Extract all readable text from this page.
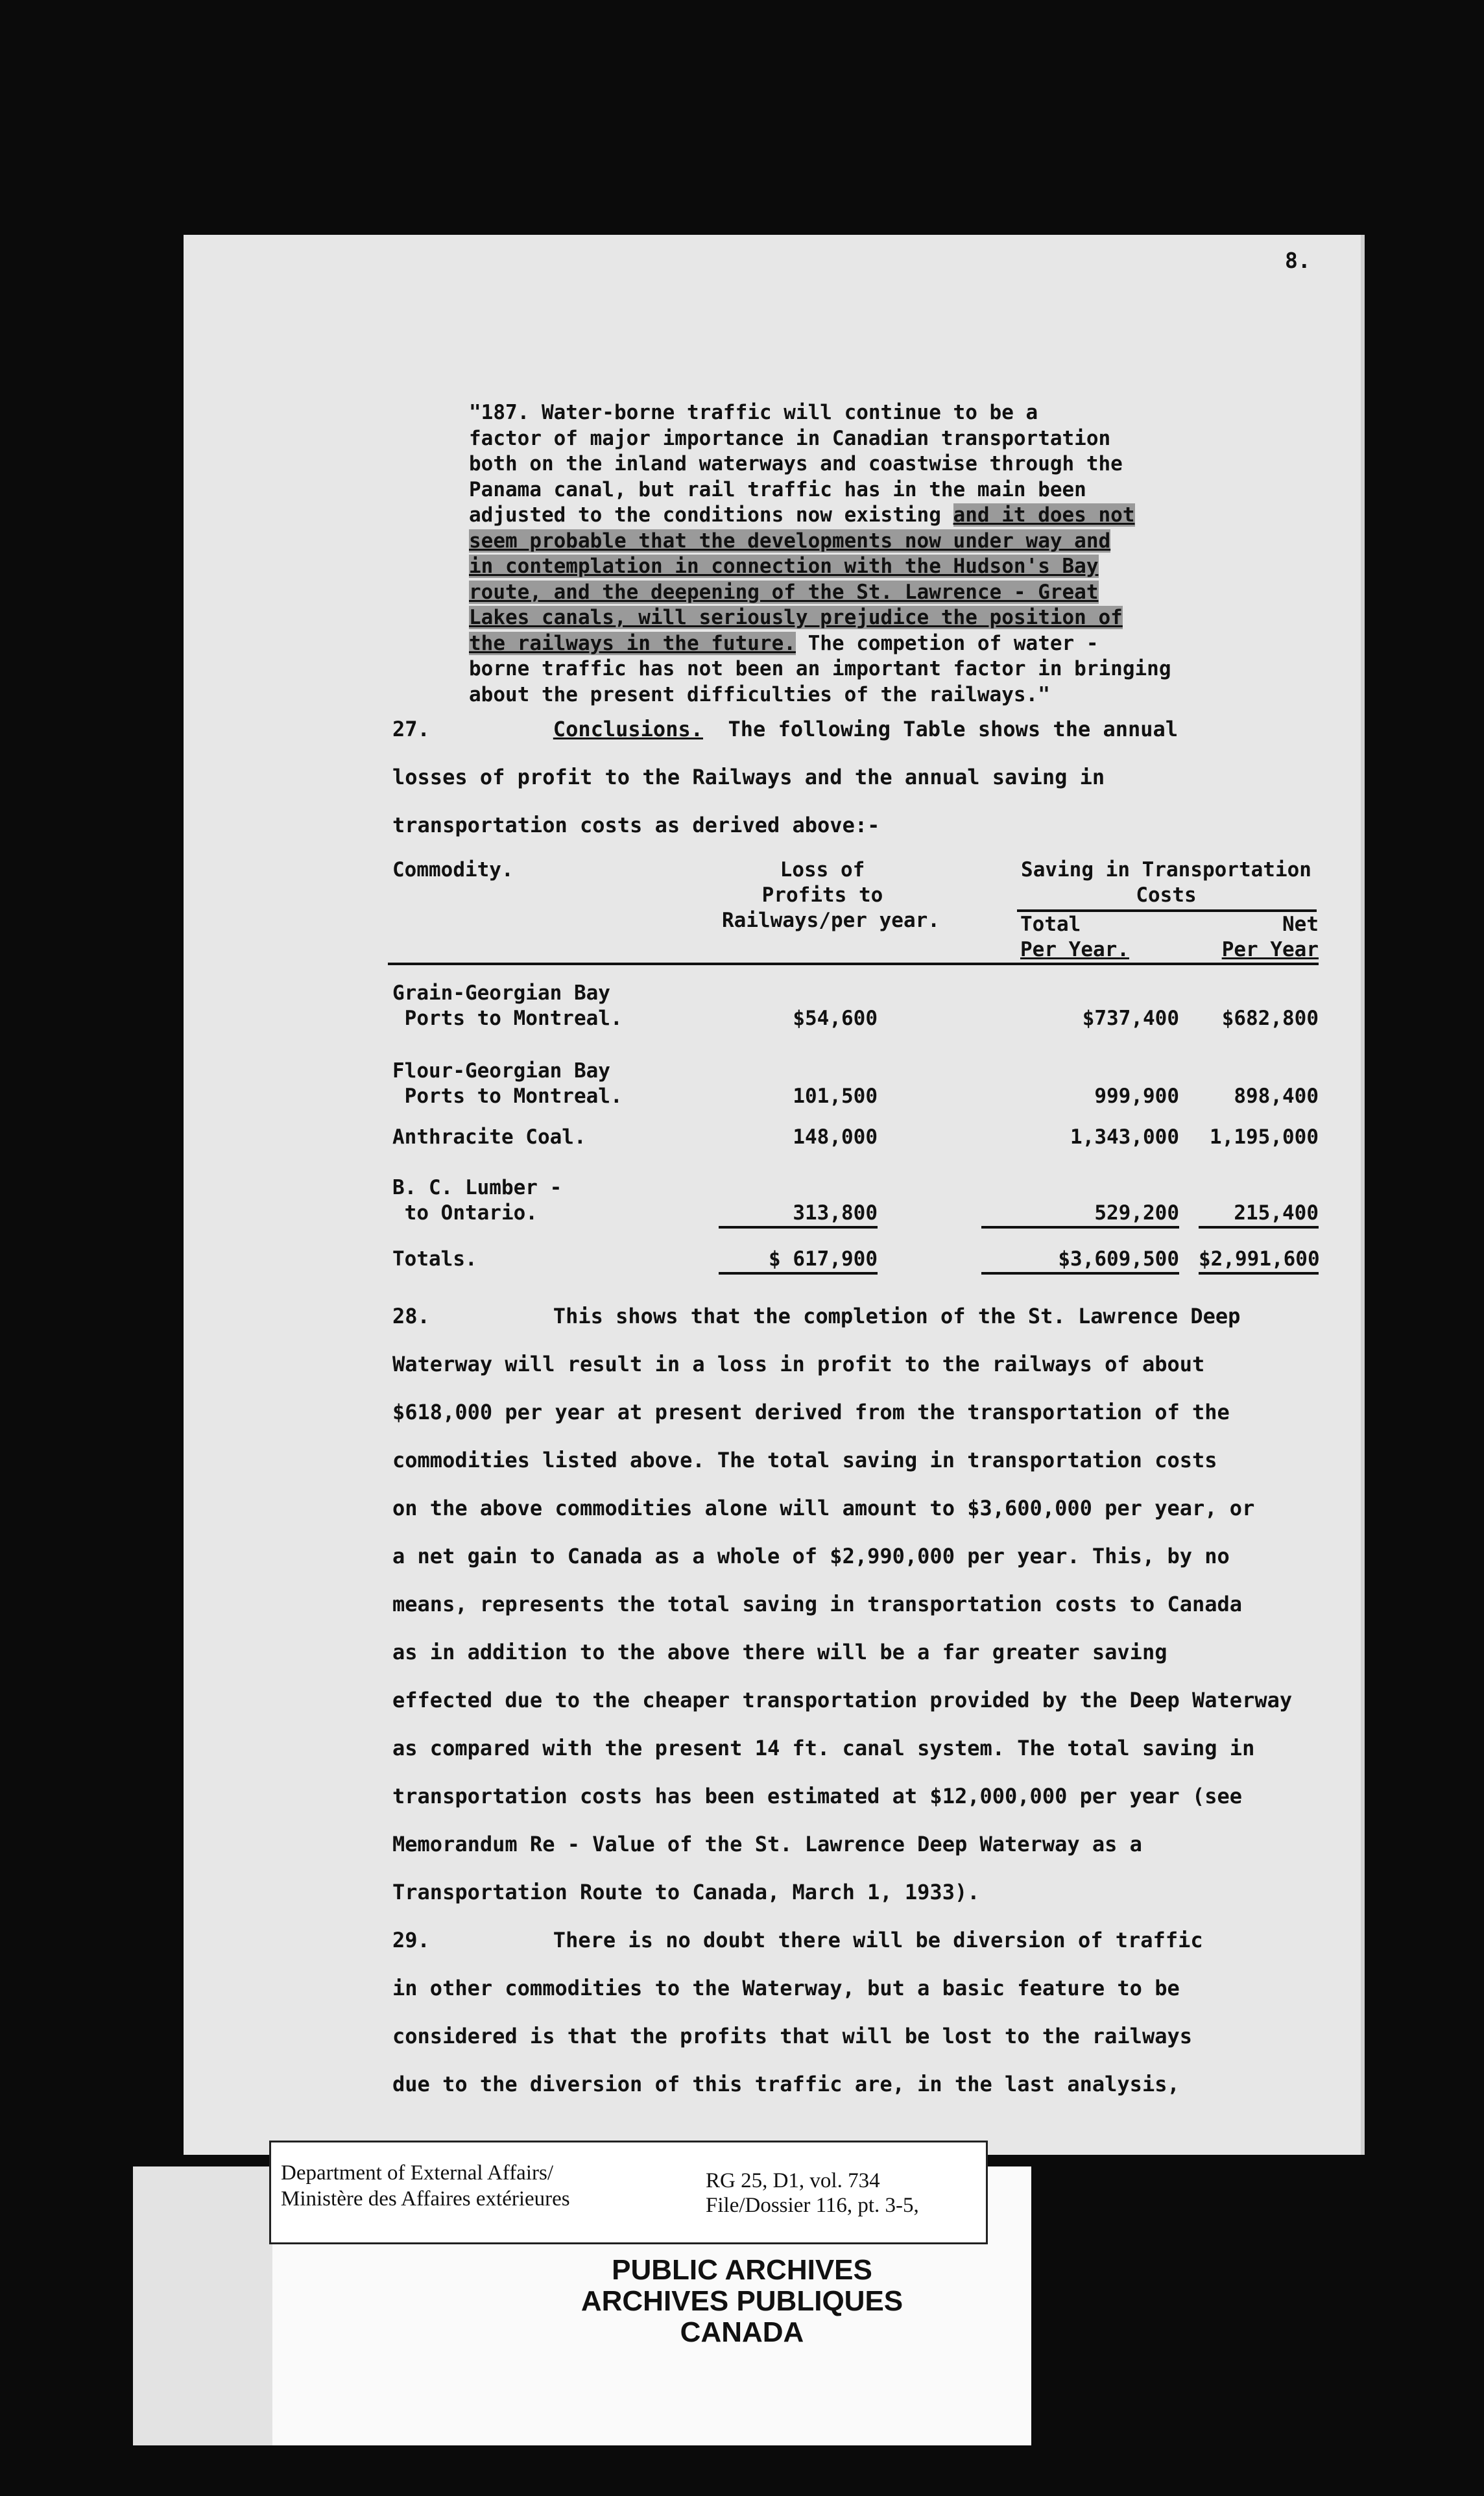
8.
"187. Water-borne traffic will continue to be a
factor of major importance in Canadian transportation
both on the inland waterways and coastwise through the
Panama canal, but rail traffic has in the main been
adjusted to the conditions now existing and it does not
seem probable that the developments now under way and
in contemplation in connection with the Hudson's Bay
route, and the deepening of the St. Lawrence - Great
Lakes canals, will seriously prejudice the position of
the railways in the future. The competion of water -
borne traffic has not been an important factor in bringing
about the present difficulties of the railways."
27.	Conclusions. The following Table shows the annual
losses of profit to the Railways and the annual saving in
transportation costs as derived above:-
Commodity.	Loss of
Profits to
Railways/per year.
Saving in Transportation
Costs
Total
Per Year.
Net
Per Year
Grain-Georgian Bay
Ports to Montreal.	$54,600	$737,400	$682,800
Flour-Georgian Bay
Ports to Montreal.	101,500	999,900	898,400
Anthracite Coal.	148,000	1,343,000	1,195,000
B. C. Lumber -
to Ontario.	313,800	529,200	215,400
Totals.	$ 617,900	$3,609,500 $2,991,600
28.	This shows that the completion of the St. Lawrence Deep
Waterway will result in a loss in profit to the railways of about
$618,000 per year at present derived from the transportation of the
commodities listed above. The total saving in transportation costs
on the above commodities alone will amount to $3,600,000 per year, or
a net gain to Canada as a whole of $2,990,000 per year. This, by no
means, represents the total saving in transportation costs to Canada
as in addition to the above there will be a far greater saving
effected due to the cheaper transportation provided by the Deep Waterway
as compared with the present 14 ft. canal system. The total saving in
transportation costs has been estimated at $12,000,000 per year (see
Memorandum Re - Value of the St. Lawrence Deep Waterway as a
Transportation Route to Canada, March 1, 1933).
29.	There is no doubt there will be diversion of traffic
in other commodities to the Waterway, but a basic feature to be
considered is that the profits that will be lost to the railways
due to the diversion of this traffic are, in the last analysis,
Department of External Affairs/
Ministère des Affaires extérieures
RG 25, D1, vol. 734
File/Dossier 116, pt. 3-5,
PUBLIC ARCHIVES
ARCHIVES PUBLIQUES
CANADA
